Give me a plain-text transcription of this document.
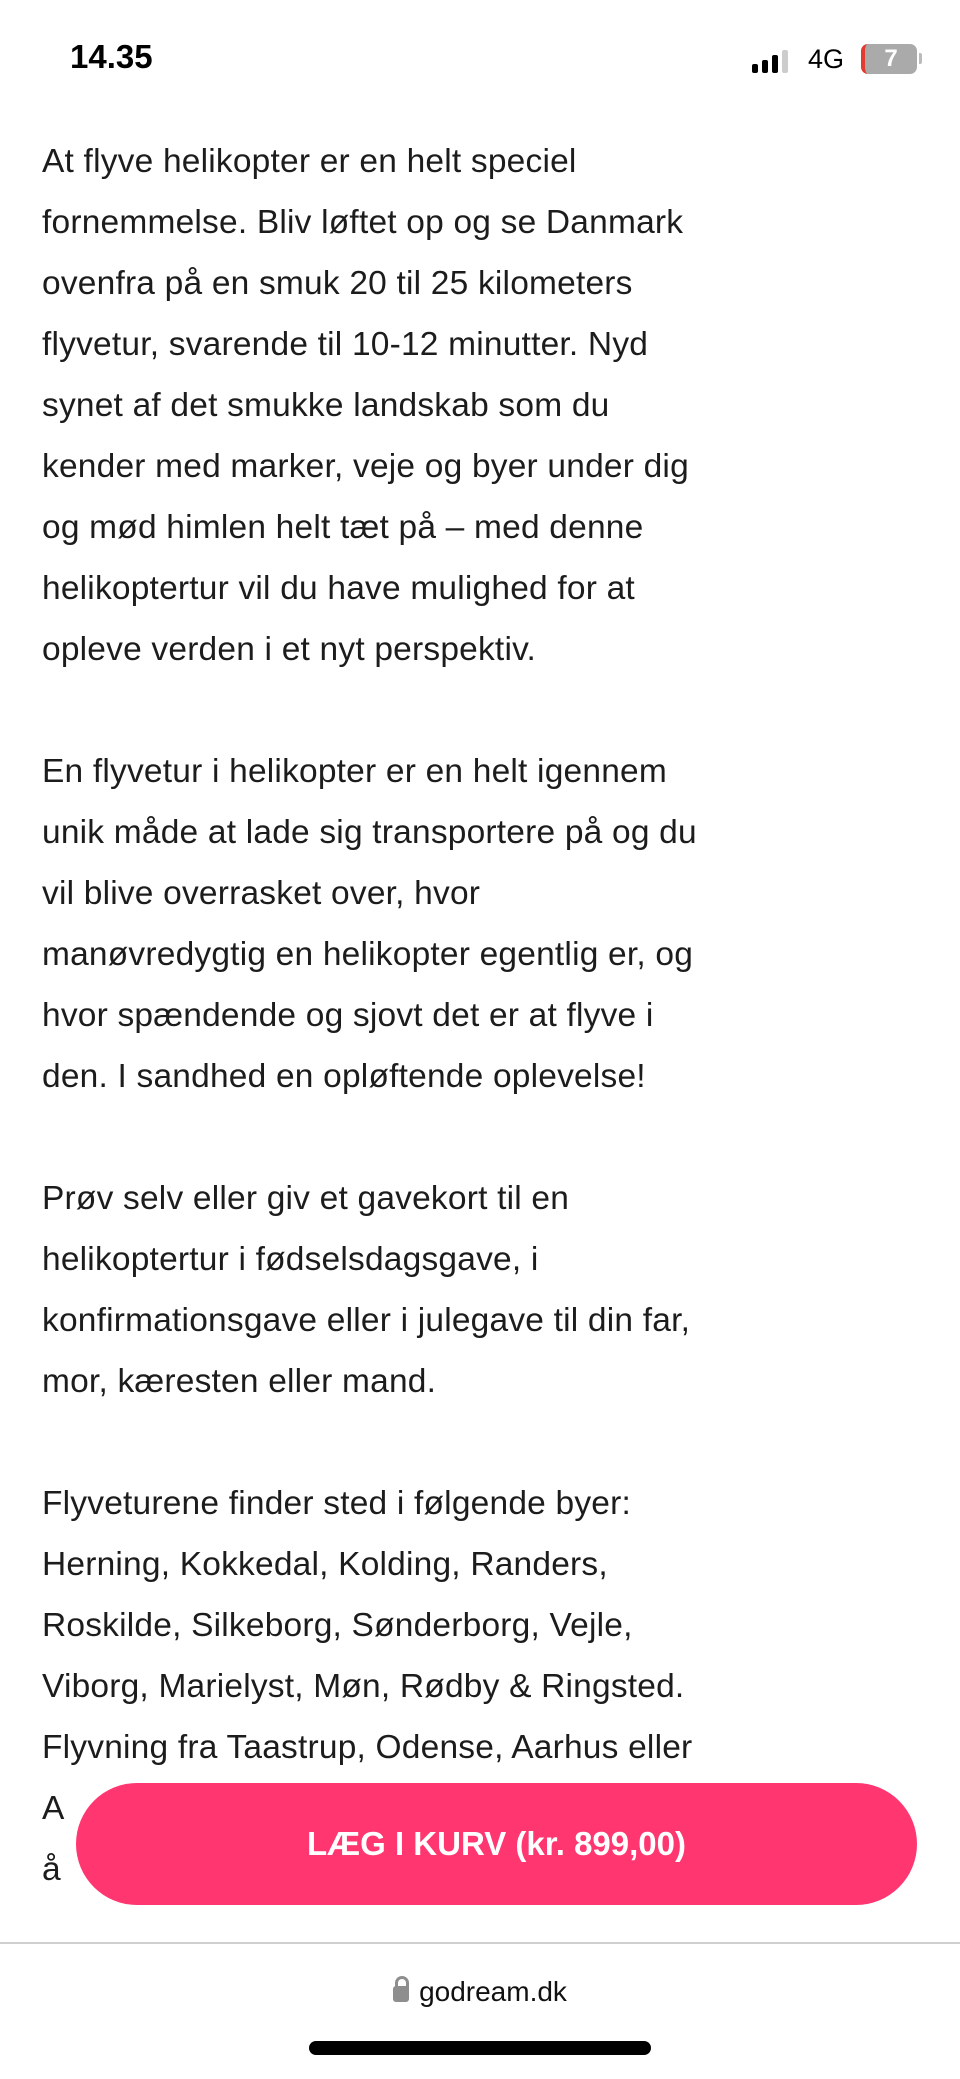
14.35	4G	7

At flyve helikopter er en helt speciel
fornemmelse. Bliv løftet op og se Danmark
ovenfra på en smuk 20 til 25 kilometers
flyvetur, svarende til 10-12 minutter. Nyd
synet af det smukke landskab som du
kender med marker, veje og byer under dig
og mød himlen helt tæt på – med denne
helikoptertur vil du have mulighed for at
opleve verden i et nyt perspektiv.

En flyvetur i helikopter er en helt igennem
unik måde at lade sig transportere på og du
vil blive overrasket over, hvor
manøvredygtig en helikopter egentlig er, og
hvor spændende og sjovt det er at flyve i
den. I sandhed en opløftende oplevelse!

Prøv selv eller giv et gavekort til en
helikoptertur i fødselsdagsgave, i
konfirmationsgave eller i julegave til din far,
mor, kæresten eller mand.

Flyveturene finder sted i følgende byer:
Herning, Kokkedal, Kolding, Randers,
Roskilde, Silkeborg, Sønderborg, Vejle,
Viborg, Marielyst, Møn, Rødby & Ringsted.
Flyvning fra Taastrup, Odense, Aarhus eller
A
å

LÆG I KURV (kr. 899,00)
godream.dk
